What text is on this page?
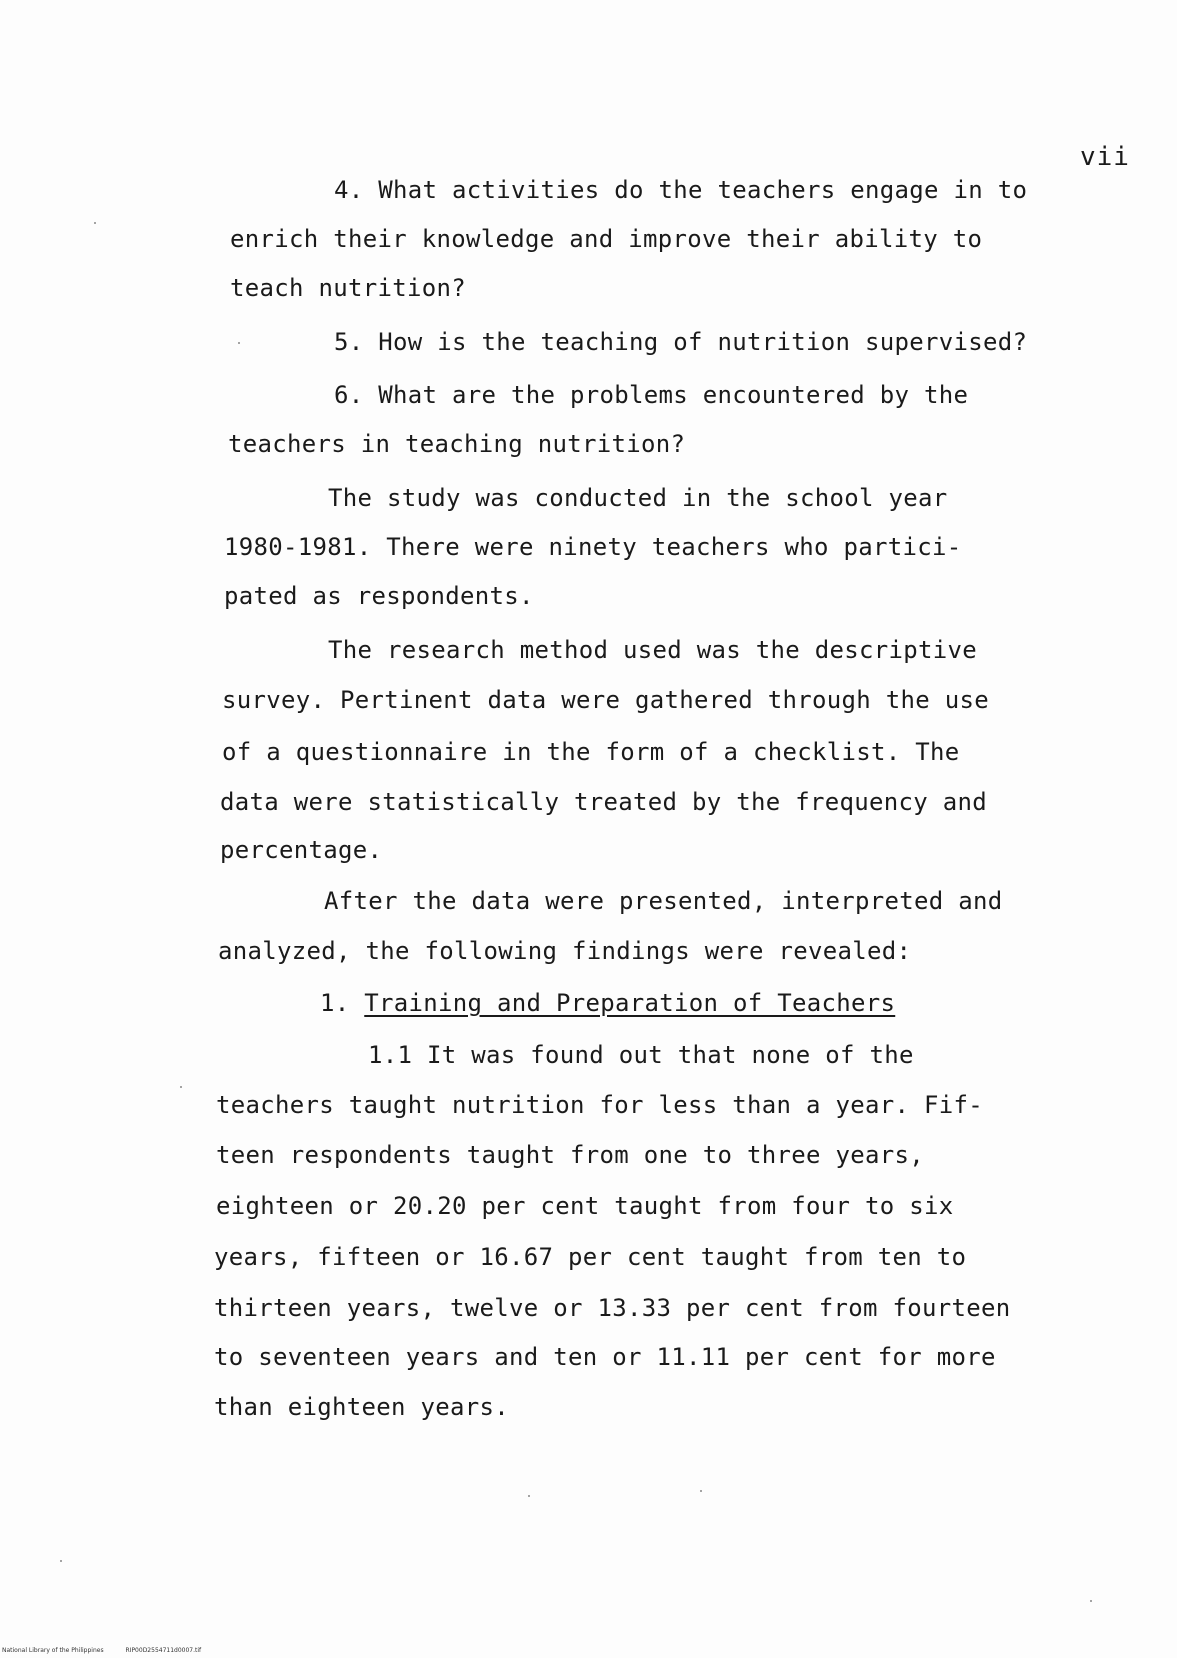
vii
4. What activities do the teachers engage in to
enrich their knowledge and improve their ability to
teach nutrition?
5. How is the teaching of nutrition supervised?
6. What are the problems encountered by the
teachers in teaching nutrition?
The study was conducted in the school year
1980-1981. There were ninety teachers who partici-
pated as respondents.
The research method used was the descriptive
survey. Pertinent data were gathered through the use
of a questionnaire in the form of a checklist. The
data were statistically treated by the frequency and
percentage.
After the data were presented, interpreted and
analyzed, the following findings were revealed:
1. Training and Preparation of Teachers
1.1 It was found out that none of the
teachers taught nutrition for less than a year. Fif-
teen respondents taught from one to three years,
eighteen or 20.20 per cent taught from four to six
years, fifteen or 16.67 per cent taught from ten to
thirteen years, twelve or 13.33 per cent from fourteen
to seventeen years and ten or 11.11 per cent for more
than eighteen years.
National Library of the Philippines	RIP00D2554711d0007.tif
